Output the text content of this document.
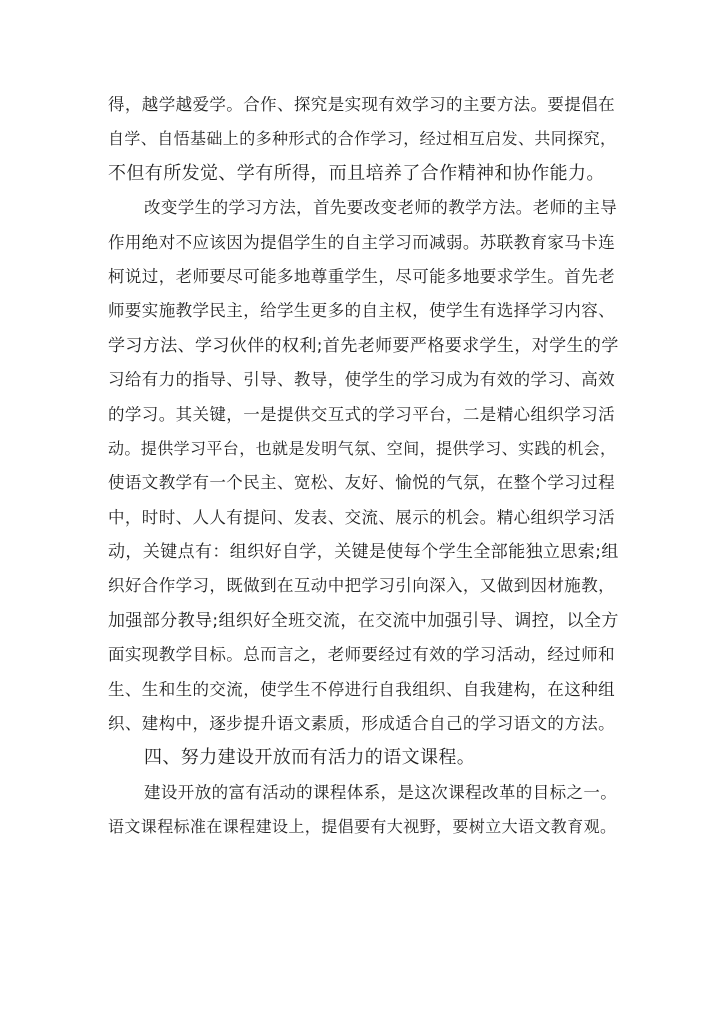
得，越学越爱学。合作、探究是实现有效学习的主要方法。要提倡在
自学、自悟基础上的多种形式的合作学习，经过相互启发、共同探究，
不但有所发觉、学有所得，而且培养了合作精神和协作能力。
改变学生的学习方法，首先要改变老师的教学方法。老师的主导
作用绝对不应该因为提倡学生的自主学习而减弱。苏联教育家马卡连
柯说过，老师要尽可能多地尊重学生，尽可能多地要求学生。首先老
师要实施教学民主，给学生更多的自主权，使学生有选择学习内容、
学习方法、学习伙伴的权利;首先老师要严格要求学生，对学生的学
习给有力的指导、引导、教导，使学生的学习成为有效的学习、高效
的学习。其关键，一是提供交互式的学习平台，二是精心组织学习活
动。提供学习平台，也就是发明气氛、空间，提供学习、实践的机会，
使语文教学有一个民主、宽松、友好、愉悦的气氛，在整个学习过程
中，时时、人人有提问、发表、交流、展示的机会。精心组织学习活
动，关键点有：组织好自学，关键是使每个学生全部能独立思索;组
织好合作学习，既做到在互动中把学习引向深入，又做到因材施教，
加强部分教导;组织好全班交流，在交流中加强引导、调控，以全方
面实现教学目标。总而言之，老师要经过有效的学习活动，经过师和
生、生和生的交流，使学生不停进行自我组织、自我建构，在这种组
织、建构中，逐步提升语文素质，形成适合自己的学习语文的方法。
四、努力建设开放而有活力的语文课程。
建设开放的富有活动的课程体系，是这次课程改革的目标之一。
语文课程标准在课程建设上，提倡要有大视野，要树立大语文教育观。
